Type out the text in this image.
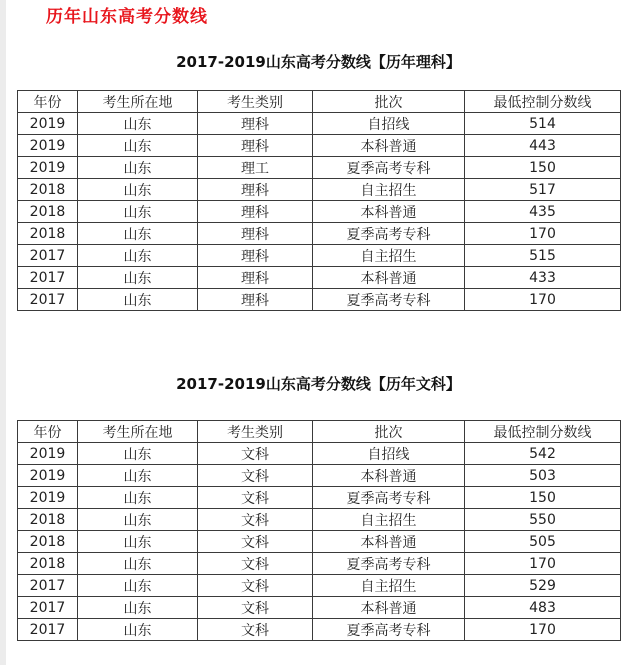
历年山东高考分数线
2017-2019山东高考分数线【历年理科】
年份	考生所在地	考生类别	批次	最低控制分数线
2019	山东	理科	自招线	514
2019	山东	理科	本科普通	443
2019	山东	理工	夏季高考专科	150
2018	山东	理科	自主招生	517
2018	山东	理科	本科普通	435
2018	山东	理科	夏季高考专科	170
2017	山东	理科	自主招生	515
2017	山东	理科	本科普通	433
2017	山东	理科	夏季高考专科	170
2017-2019山东高考分数线【历年文科】
年份	考生所在地	考生类别	批次	最低控制分数线
2019	山东	文科	自招线	542
2019	山东	文科	本科普通	503
2019	山东	文科	夏季高考专科	150
2018	山东	文科	自主招生	550
2018	山东	文科	本科普通	505
2018	山东	文科	夏季高考专科	170
2017	山东	文科	自主招生	529
2017	山东	文科	本科普通	483
2017	山东	文科	夏季高考专科	170
